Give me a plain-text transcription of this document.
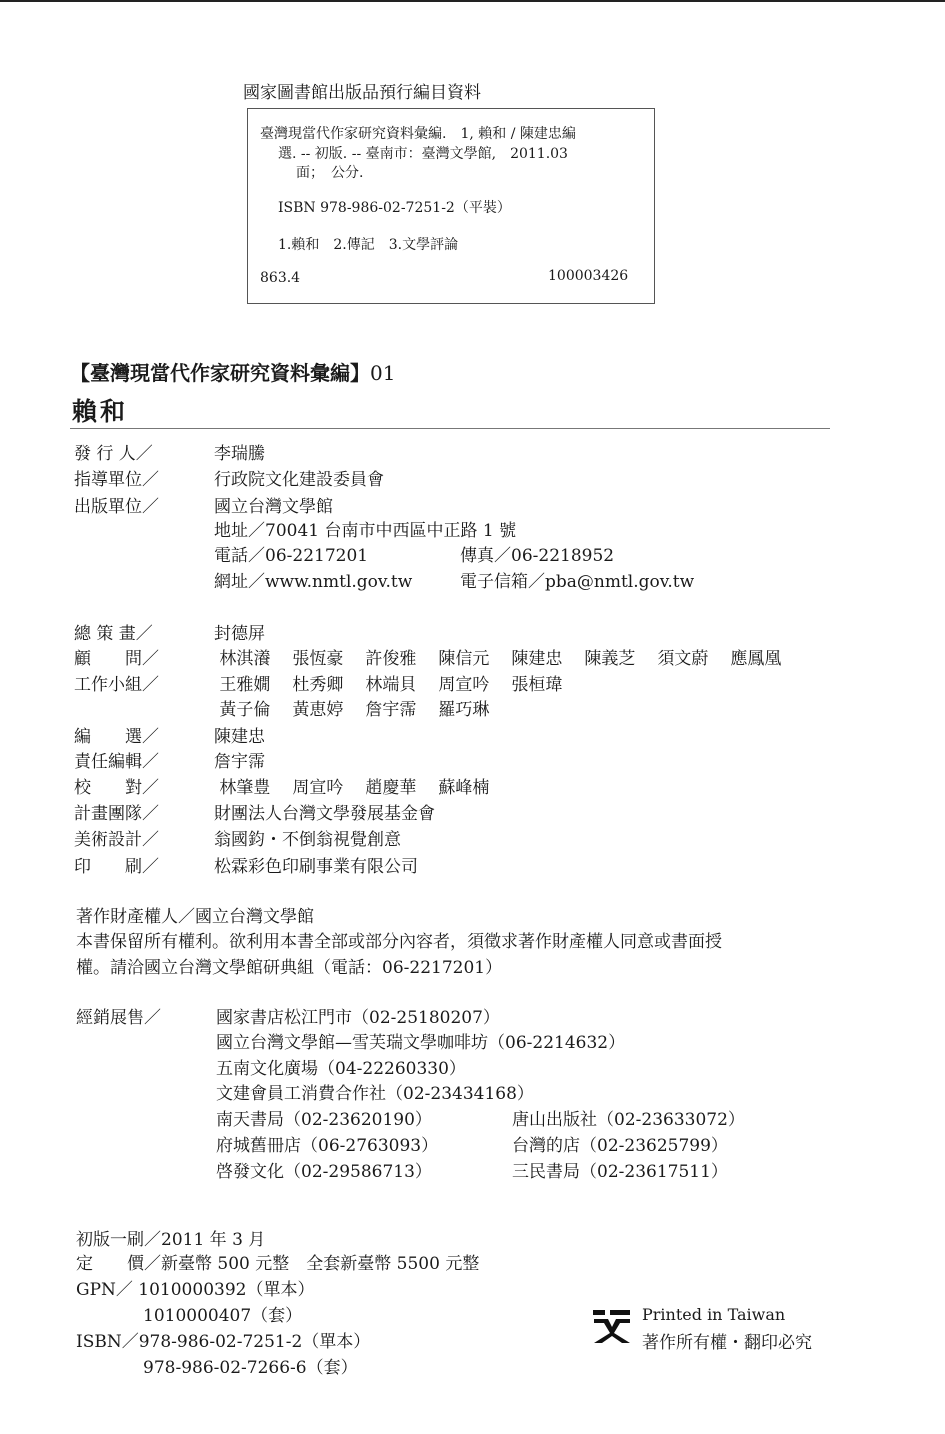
國家圖書館出版品預行編目資料
臺灣現當代作家研究資料彙編.　1, 賴和 / 陳建忠編
選. -- 初版. -- 臺南市：臺灣文學館,　2011.03
面；　公分.
ISBN 978-986-02-7251-2（平裝）
1.賴和　2.傳記　3.文學評論
863.4	100003426
【臺灣現當代作家研究資料彙編】01
賴和
發 行 人／	李瑞騰
指導單位／	行政院文化建設委員會
出版單位／	國立台灣文學館
地址／70041 台南市中西區中正路 1 號
電話／06-2217201	傳真／06-2218952
網址／www.nmtl.gov.tw	電子信箱／pba@nmtl.gov.tw
總 策 畫／	封德屏
顧　　問／	林淇瀁 張恆豪 許俊雅 陳信元 陳建忠 陳義芝 須文蔚 應鳳凰
工作小組／	王雅嫺 杜秀卿 林端貝 周宣吟 張桓瑋
黃子倫 黃恵婷 詹宇霈 羅巧琳
編　　選／	陳建忠
責任編輯／	詹宇霈
校　　對／	林肇豊 周宣吟 趙慶華 蘇峰楠
計畫團隊／	財團法人台灣文學發展基金會
美術設計／	翁國鈞・不倒翁視覺創意
印　　刷／	松霖彩色印刷事業有限公司
著作財產權人／國立台灣文學館
本書保留所有權利。欲利用本書全部或部分內容者，須徵求著作財產權人同意或書面授
權。請洽國立台灣文學館研典組（電話：06-2217201）
經銷展售／	國家書店松江門市（02-25180207）
國立台灣文學館—雪芙瑞文學咖啡坊（06-2214632）
五南文化廣場（04-22260330）
文建會員工消費合作社（02-23434168）
南天書局（02-23620190）	唐山出版社（02-23633072）
府城舊冊店（06-2763093）	台灣的店（02-23625799）
啓發文化（02-29586713）	三民書局（02-23617511）
初版一刷／2011 年 3 月
定　　價／新臺幣 500 元整　全套新臺幣 5500 元整
GPN／ 1010000392（單本）
1010000407（套）
ISBN／978-986-02-7251-2（單本）
978-986-02-7266-6（套）
Printed in Taiwan
著作所有權・翻印必究
